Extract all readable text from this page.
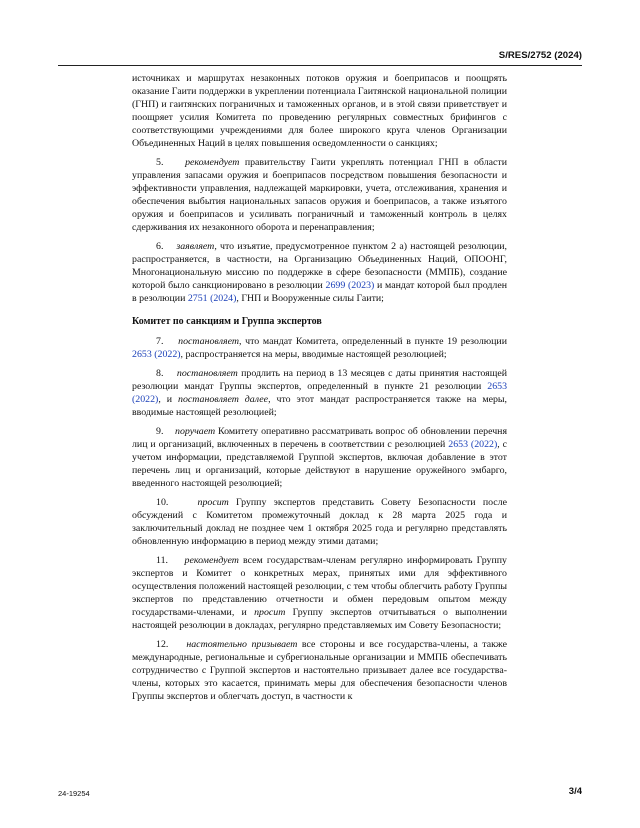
S/RES/2752 (2024)

источниках и маршрутах незаконных потоков оружия и боеприпасов и поощрять оказание Гаити поддержки в укреплении потенциала Гаитянской национальной полиции (ГНП) и гаитянских пограничных и таможенных органов, и в этой связи приветствует и поощряет усилия Комитета по проведению регулярных совместных брифингов с соответствующими учреждениями для более широкого круга членов Организации Объединенных Наций в целях повышения осведомленности о санкциях;

5. рекомендует правительству Гаити укреплять потенциал ГНП в области управления запасами оружия и боеприпасов посредством повышения безопасности и эффективности управления, надлежащей маркировки, учета, отслеживания, хранения и обеспечения выбытия национальных запасов оружия и боеприпасов, а также изъятого оружия и боеприпасов и усиливать пограничный и таможенный контроль в целях сдерживания их незаконного оборота и перенаправления;

6. заявляет, что изъятие, предусмотренное пунктом 2 a) настоящей резолюции, распространяется, в частности, на Организацию Объединенных Наций, ОПООНГ, Многонациональную миссию по поддержке в сфере безопасности (ММПБ), создание которой было санкционировано в резолюции 2699 (2023) и мандат которой был продлен в резолюции 2751 (2024), ГНП и Вооруженные силы Гаити;

Комитет по санкциям и Группа экспертов

7. постановляет, что мандат Комитета, определенный в пункте 19 резолюции 2653 (2022), распространяется на меры, вводимые настоящей резолюцией;

8. постановляет продлить на период в 13 месяцев с даты принятия настоящей резолюции мандат Группы экспертов, определенный в пункте 21 резолюции 2653 (2022), и постановляет далее, что этот мандат распространяется также на меры, вводимые настоящей резолюцией;

9. поручает Комитету оперативно рассматривать вопрос об обновлении перечня лиц и организаций, включенных в перечень в соответствии с резолюцией 2653 (2022), с учетом информации, представляемой Группой экспертов, включая добавление в этот перечень лиц и организаций, которые действуют в нарушение оружейного эмбарго, введенного настоящей резолюцией;

10.	просит Группу экспертов представить Совету Безопасности после обсуждений с Комитетом промежуточный доклад к 28 марта 2025 года и заключительный доклад не позднее чем 1 октября 2025 года и регулярно представлять обновленную информацию в период между этими датами;

11. рекомендует всем государствам-членам регулярно информировать Группу экспертов и Комитет о конкретных мерах, принятых ими для эффективного осуществления положений настоящей резолюции, с тем чтобы облегчить работу Группы экспертов по представлению отчетности и обмен передовым опытом между государствами-членами, и просит Группу экспертов отчитываться о выполнении настоящей резолюции в докладах, регулярно представляемых им Совету Безопасности;

12. настоятельно призывает все стороны и все государства-члены, а также международные, региональные и субрегиональные организации и ММПБ обеспечивать сотрудничество с Группой экспертов и настоятельно призывает далее все государства-члены, которых это касается, принимать меры для обеспечения безопасности членов Группы экспертов и облегчать доступ, в частности к

24-19254	3/4
